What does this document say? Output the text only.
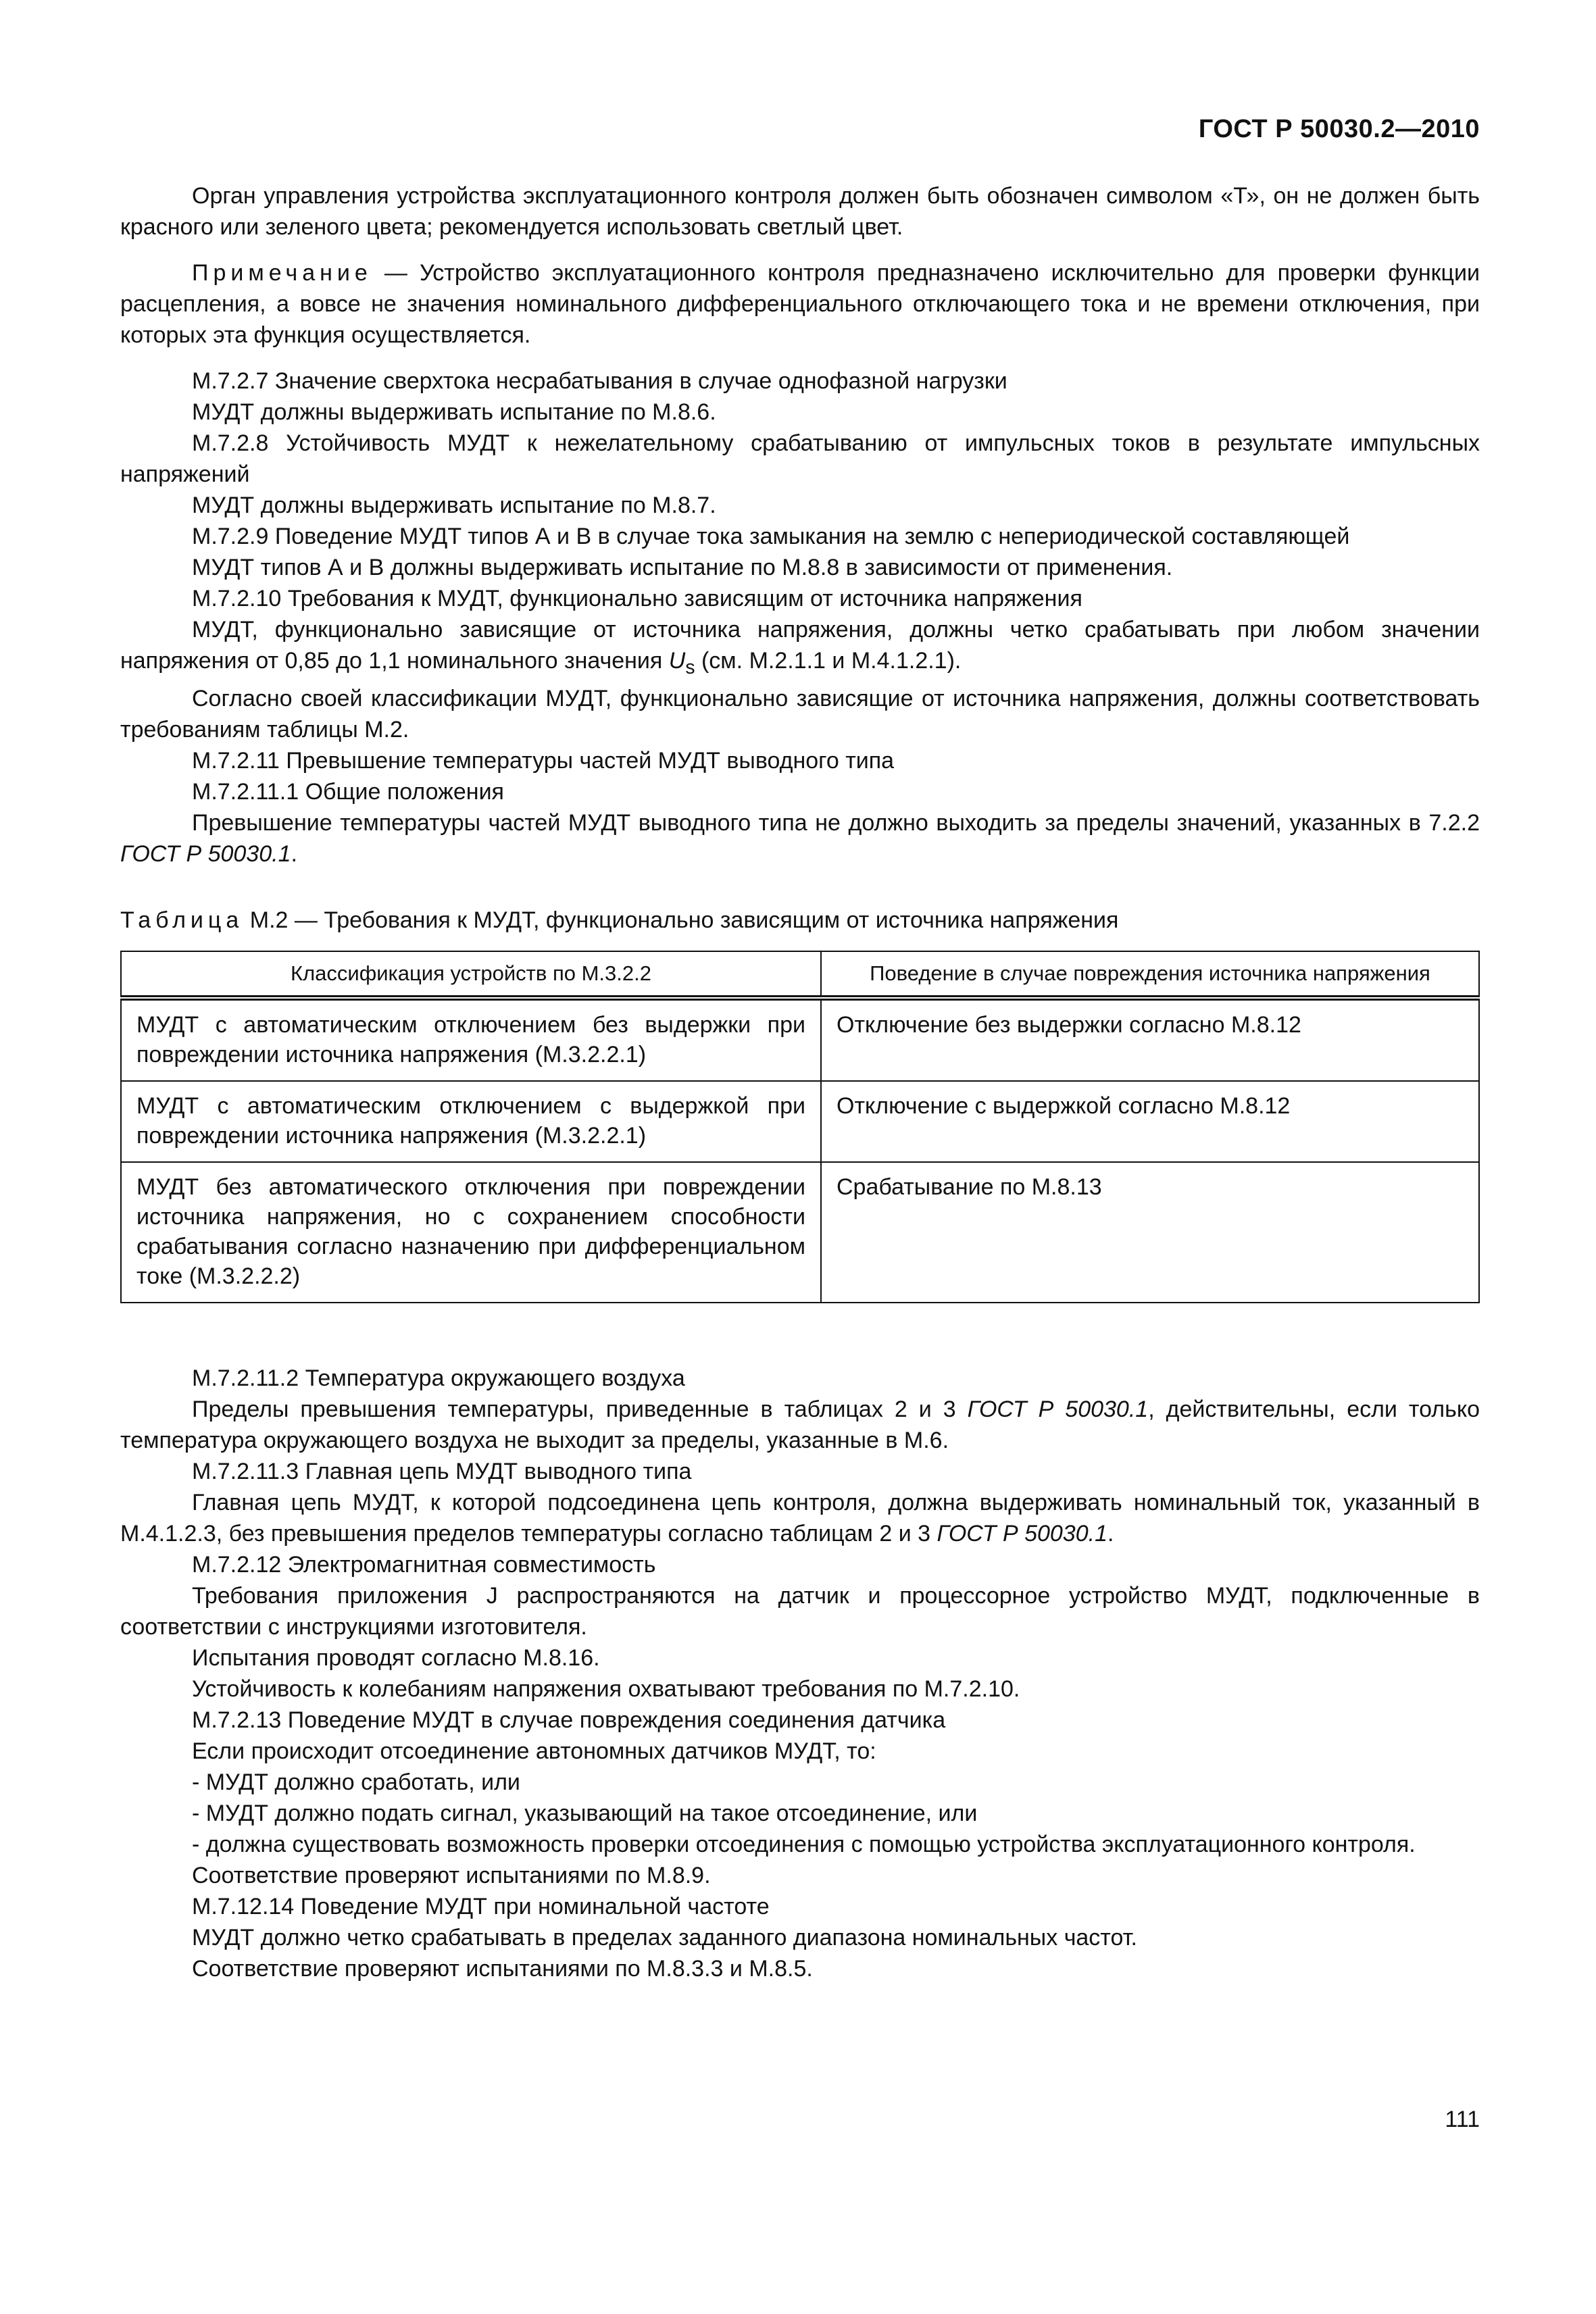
ГОСТ Р 50030.2—2010

Орган управления устройства эксплуатационного контроля должен быть обозначен символом «Т», он не должен быть красного или зеленого цвета; рекомендуется использовать светлый цвет.

Примечание — Устройство эксплуатационного контроля предназначено исключительно для проверки функции расцепления, а вовсе не значения номинального дифференциального отключающего тока и не времени отключения, при которых эта функция осуществляется.

М.7.2.7 Значение сверхтока несрабатывания в случае однофазной нагрузки

МУДТ должны выдерживать испытание по М.8.6.

М.7.2.8 Устойчивость МУДТ к нежелательному срабатыванию от импульсных токов в результате импульсных напряжений

МУДТ должны выдерживать испытание по М.8.7.

М.7.2.9 Поведение МУДТ типов А и В в случае тока замыкания на землю с непериодической составляющей

МУДТ типов А и В должны выдерживать испытание по М.8.8 в зависимости от применения.

М.7.2.10 Требования к МУДТ, функционально зависящим от источника напряжения

МУДТ, функционально зависящие от источника напряжения, должны четко срабатывать при любом значении напряжения от 0,85 до 1,1 номинального значения $U_s$ (см. М.2.1.1 и М.4.1.2.1).

Согласно своей классификации МУДТ, функционально зависящие от источника напряжения, должны соответствовать требованиям таблицы М.2.

М.7.2.11 Превышение температуры частей МУДТ выводного типа

М.7.2.11.1 Общие положения

Превышение температуры частей МУДТ выводного типа не должно выходить за пределы значений, указанных в 7.2.2 ГОСТ Р 50030.1.

Таблица М.2 — Требования к МУДТ, функционально зависящим от источника напряжения
Классификация устройств по М.3.2.2	Поведение в случае повреждения источника напряжения
МУДТ с автоматическим отключением без выдержки при повреждении источника напряжения (М.3.2.2.1)	Отключение без выдержки согласно М.8.12
МУДТ с автоматическим отключением с выдержкой при повреждении источника напряжения (М.3.2.2.1)	Отключение с выдержкой согласно М.8.12
МУДТ без автоматического отключения при повреждении источника напряжения, но с сохранением способности срабатывания согласно назначению при дифференциальном токе (М.3.2.2.2)	Срабатывание по М.8.13

М.7.2.11.2 Температура окружающего воздуха

Пределы превышения температуры, приведенные в таблицах 2 и 3 ГОСТ Р 50030.1, действительны, если только температура окружающего воздуха не выходит за пределы, указанные в М.6.

М.7.2.11.3 Главная цепь МУДТ выводного типа

Главная цепь МУДТ, к которой подсоединена цепь контроля, должна выдерживать номинальный ток, указанный в М.4.1.2.3, без превышения пределов температуры согласно таблицам 2 и 3 ГОСТ Р 50030.1.

М.7.2.12 Электромагнитная совместимость

Требования приложения J распространяются на датчик и процессорное устройство МУДТ, подключенные в соответствии с инструкциями изготовителя.

Испытания проводят согласно М.8.16.

Устойчивость к колебаниям напряжения охватывают требования по М.7.2.10.

М.7.2.13 Поведение МУДТ в случае повреждения соединения датчика

Если происходит отсоединение автономных датчиков МУДТ, то:

- МУДТ должно сработать, или

- МУДТ должно подать сигнал, указывающий на такое отсоединение, или

- должна существовать возможность проверки отсоединения с помощью устройства эксплуатационного контроля.

Соответствие проверяют испытаниями по М.8.9.

М.7.12.14 Поведение МУДТ при номинальной частоте

МУДТ должно четко срабатывать в пределах заданного диапазона номинальных частот.

Соответствие проверяют испытаниями по М.8.3.3 и М.8.5.

111
